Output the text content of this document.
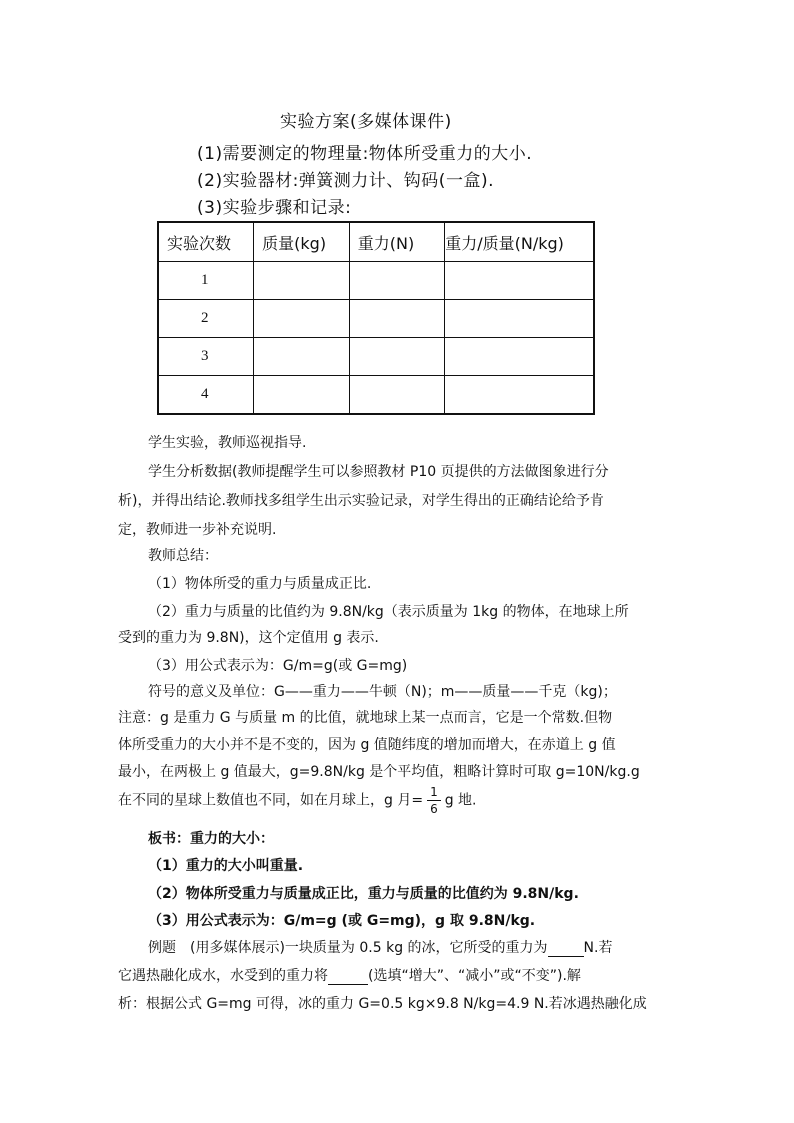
实验方案(多媒体课件)
(1)需要测定的物理量:物体所受重力的大小.
(2)实验器材:弹簧测力计、钩码(一盒).
(3)实验步骤和记录:
实验次数	质量(kg)	重力(N)	重力/质量(N/kg)
1			
2			
3			
4			
学生实验，教师巡视指导.
学生分析数据(教师提醒学生可以参照教材 P10 页提供的方法做图象进行分
析)，并得出结论.教师找多组学生出示实验记录，对学生得出的正确结论给予肯
定，教师进一步补充说明.
教师总结：
（1）物体所受的重力与质量成正比.
（2）重力与质量的比值约为 9.8N/kg（表示质量为 1kg 的物体，在地球上所
受到的重力为 9.8N)，这个定值用 g 表示.
（3）用公式表示为：G/m=g(或 G=mg)
符号的意义及单位：G——重力——牛顿（N)；m——质量——千克（kg)；
注意：g 是重力 G 与质量 m 的比值，就地球上某一点而言，它是一个常数.但物
体所受重力的大小并不是不变的，因为 g 值随纬度的增加而增大，在赤道上 g 值
最小，在两极上 g 值最大，g=9.8N/kg 是个平均值，粗略计算时可取 g=10N/kg.g
在不同的星球上数值也不同，如在月球上，g 月= $\frac{1}{6}$ g 地.
板书：重力的大小：
（1）重力的大小叫重量.
（2）物体所受重力与质量成正比，重力与质量的比值约为 9.8N/kg.
（3）用公式表示为：G/m=g (或 G=mg)，g 取 9.8N/kg.
例题　(用多媒体展示)一块质量为 0.5 kg 的冰，它所受的重力为	N.若
它遇热融化成水，水受到的重力将	(选填“增大”、“减小”或“不变”).解
析：根据公式 G=mg 可得，冰的重力 G=0.5 kg×9.8 N/kg=4.9 N.若冰遇热融化成
